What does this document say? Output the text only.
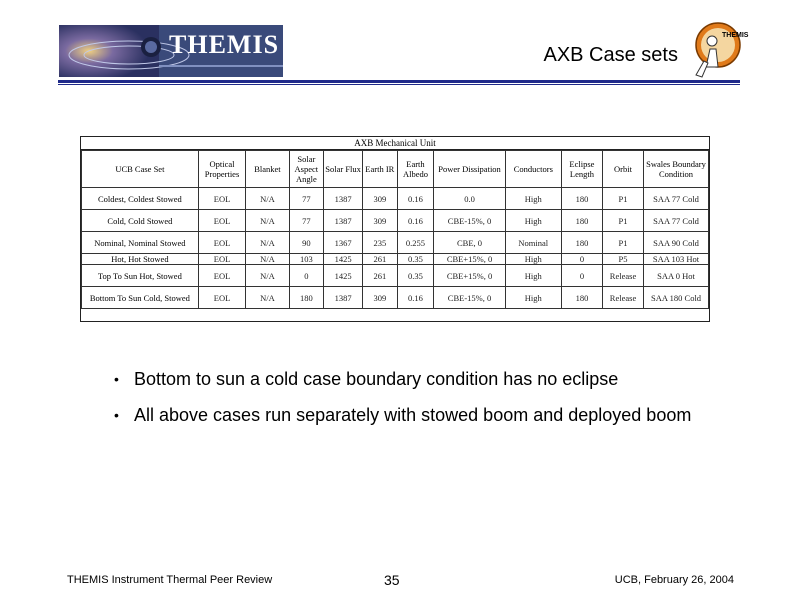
THEMIS	AXB Case sets
THEMIS
AXB Mechanical Unit
UCB Case Set	Optical Properties	Blanket	Solar Aspect Angle	Solar Flux	Earth IR	Earth Albedo	Power Dissipation	Conductors	Eclipse Length	Orbit	Swales Boundary Condition
Coldest, Coldest Stowed	EOL	N/A	77	1387	309	0.16	0.0	High	180	P1	SAA 77 Cold
Cold, Cold Stowed	EOL	N/A	77	1387	309	0.16	CBE-15%, 0	High	180	P1	SAA 77 Cold
Nominal, Nominal Stowed	EOL	N/A	90	1367	235	0.255	CBE, 0	Nominal	180	P1	SAA 90 Cold
Hot, Hot Stowed	EOL	N/A	103	1425	261	0.35	CBE+15%, 0	High	0	P5	SAA 103 Hot
Top To Sun Hot, Stowed	EOL	N/A	0	1425	261	0.35	CBE+15%, 0	High	0	Release	SAA 0 Hot
Bottom To Sun Cold, Stowed	EOL	N/A	180	1387	309	0.16	CBE-15%, 0	High	180	Release	SAA 180 Cold
• Bottom to sun a cold case boundary condition has no eclipse
• All above cases run separately with stowed boom and deployed boom
THEMIS Instrument Thermal Peer Review	35	UCB, February 26, 2004
